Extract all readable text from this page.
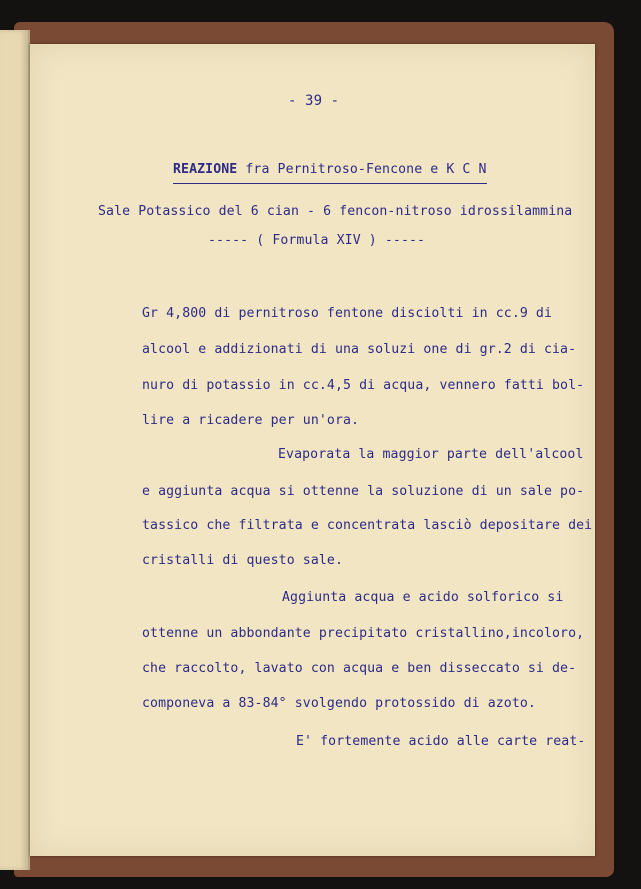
- 39 -
REAZIONE fra Pernitroso-Fencone e K C N
Sale Potassico del 6 cian - 6 fencon-nitroso idrossilammina
----- ( Formula XIV ) -----
Gr 4,800 di pernitroso fentone disciolti in cc.9 di
alcool e addizionati di una soluzi one di gr.2 di cia-
nuro di potassio in cc.4,5 di acqua, vennero fatti bol-
lire a ricadere per un'ora.
Evaporata la maggior parte dell'alcool
e aggiunta acqua si ottenne la soluzione di un sale po-
tassico che filtrata e concentrata lasciò depositare dei
cristalli di questo sale.
Aggiunta acqua e acido solforico si
ottenne un abbondante precipitato cristallino,incoloro,
che raccolto, lavato con acqua e ben disseccato si de-
componeva a 83-84° svolgendo protossido di azoto.
E' fortemente acido alle carte reat-
